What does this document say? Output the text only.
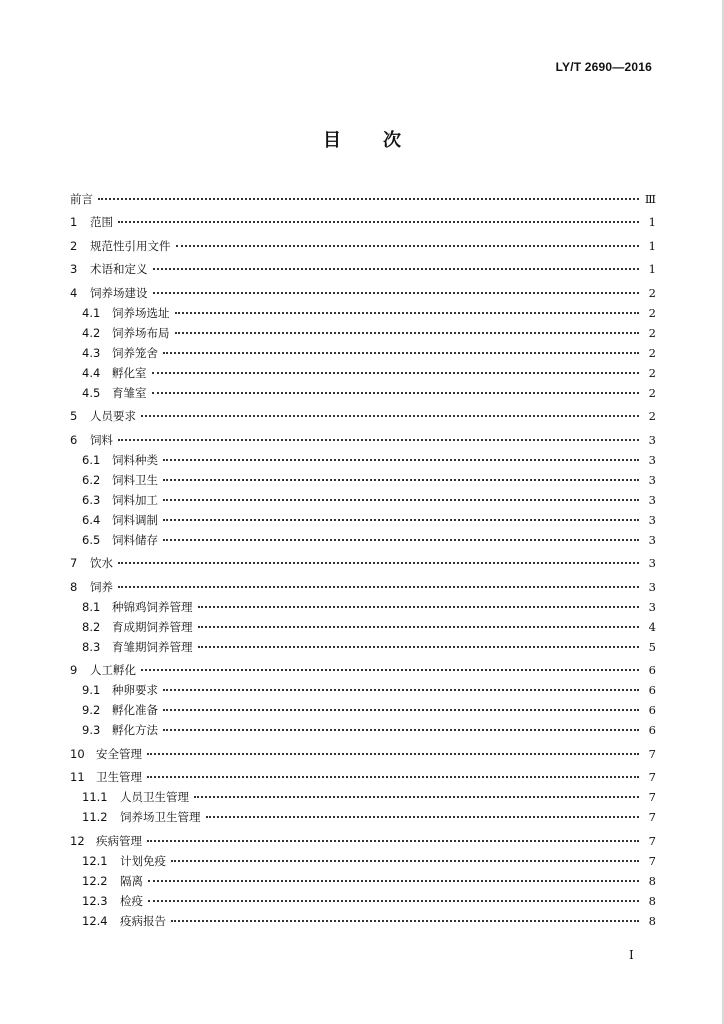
LY/T 2690—2016
目 次
前言	Ⅲ
1	范围	1
2	规范性引用文件	1
3	术语和定义	1
4	饲养场建设	2
4.1	饲养场选址	2
4.2	饲养场布局	2
4.3	饲养笼舍	2
4.4	孵化室	2
4.5	育雏室	2
5	人员要求	2
6	饲料	3
6.1	饲料种类	3
6.2	饲料卫生	3
6.3	饲料加工	3
6.4	饲料调制	3
6.5	饲料储存	3
7	饮水	3
8	饲养	3
8.1	种锦鸡饲养管理	3
8.2	育成期饲养管理	4
8.3	育雏期饲养管理	5
9	人工孵化	6
9.1	种卵要求	6
9.2	孵化准备	6
9.3	孵化方法	6
10 安全管理	7
11 卫生管理	7
11.1	人员卫生管理	7
11.2	饲养场卫生管理	7
12 疾病管理	7
12.1	计划免疫	7
12.2	隔离	8
12.3	检疫	8
12.4	疫病报告	8
I
